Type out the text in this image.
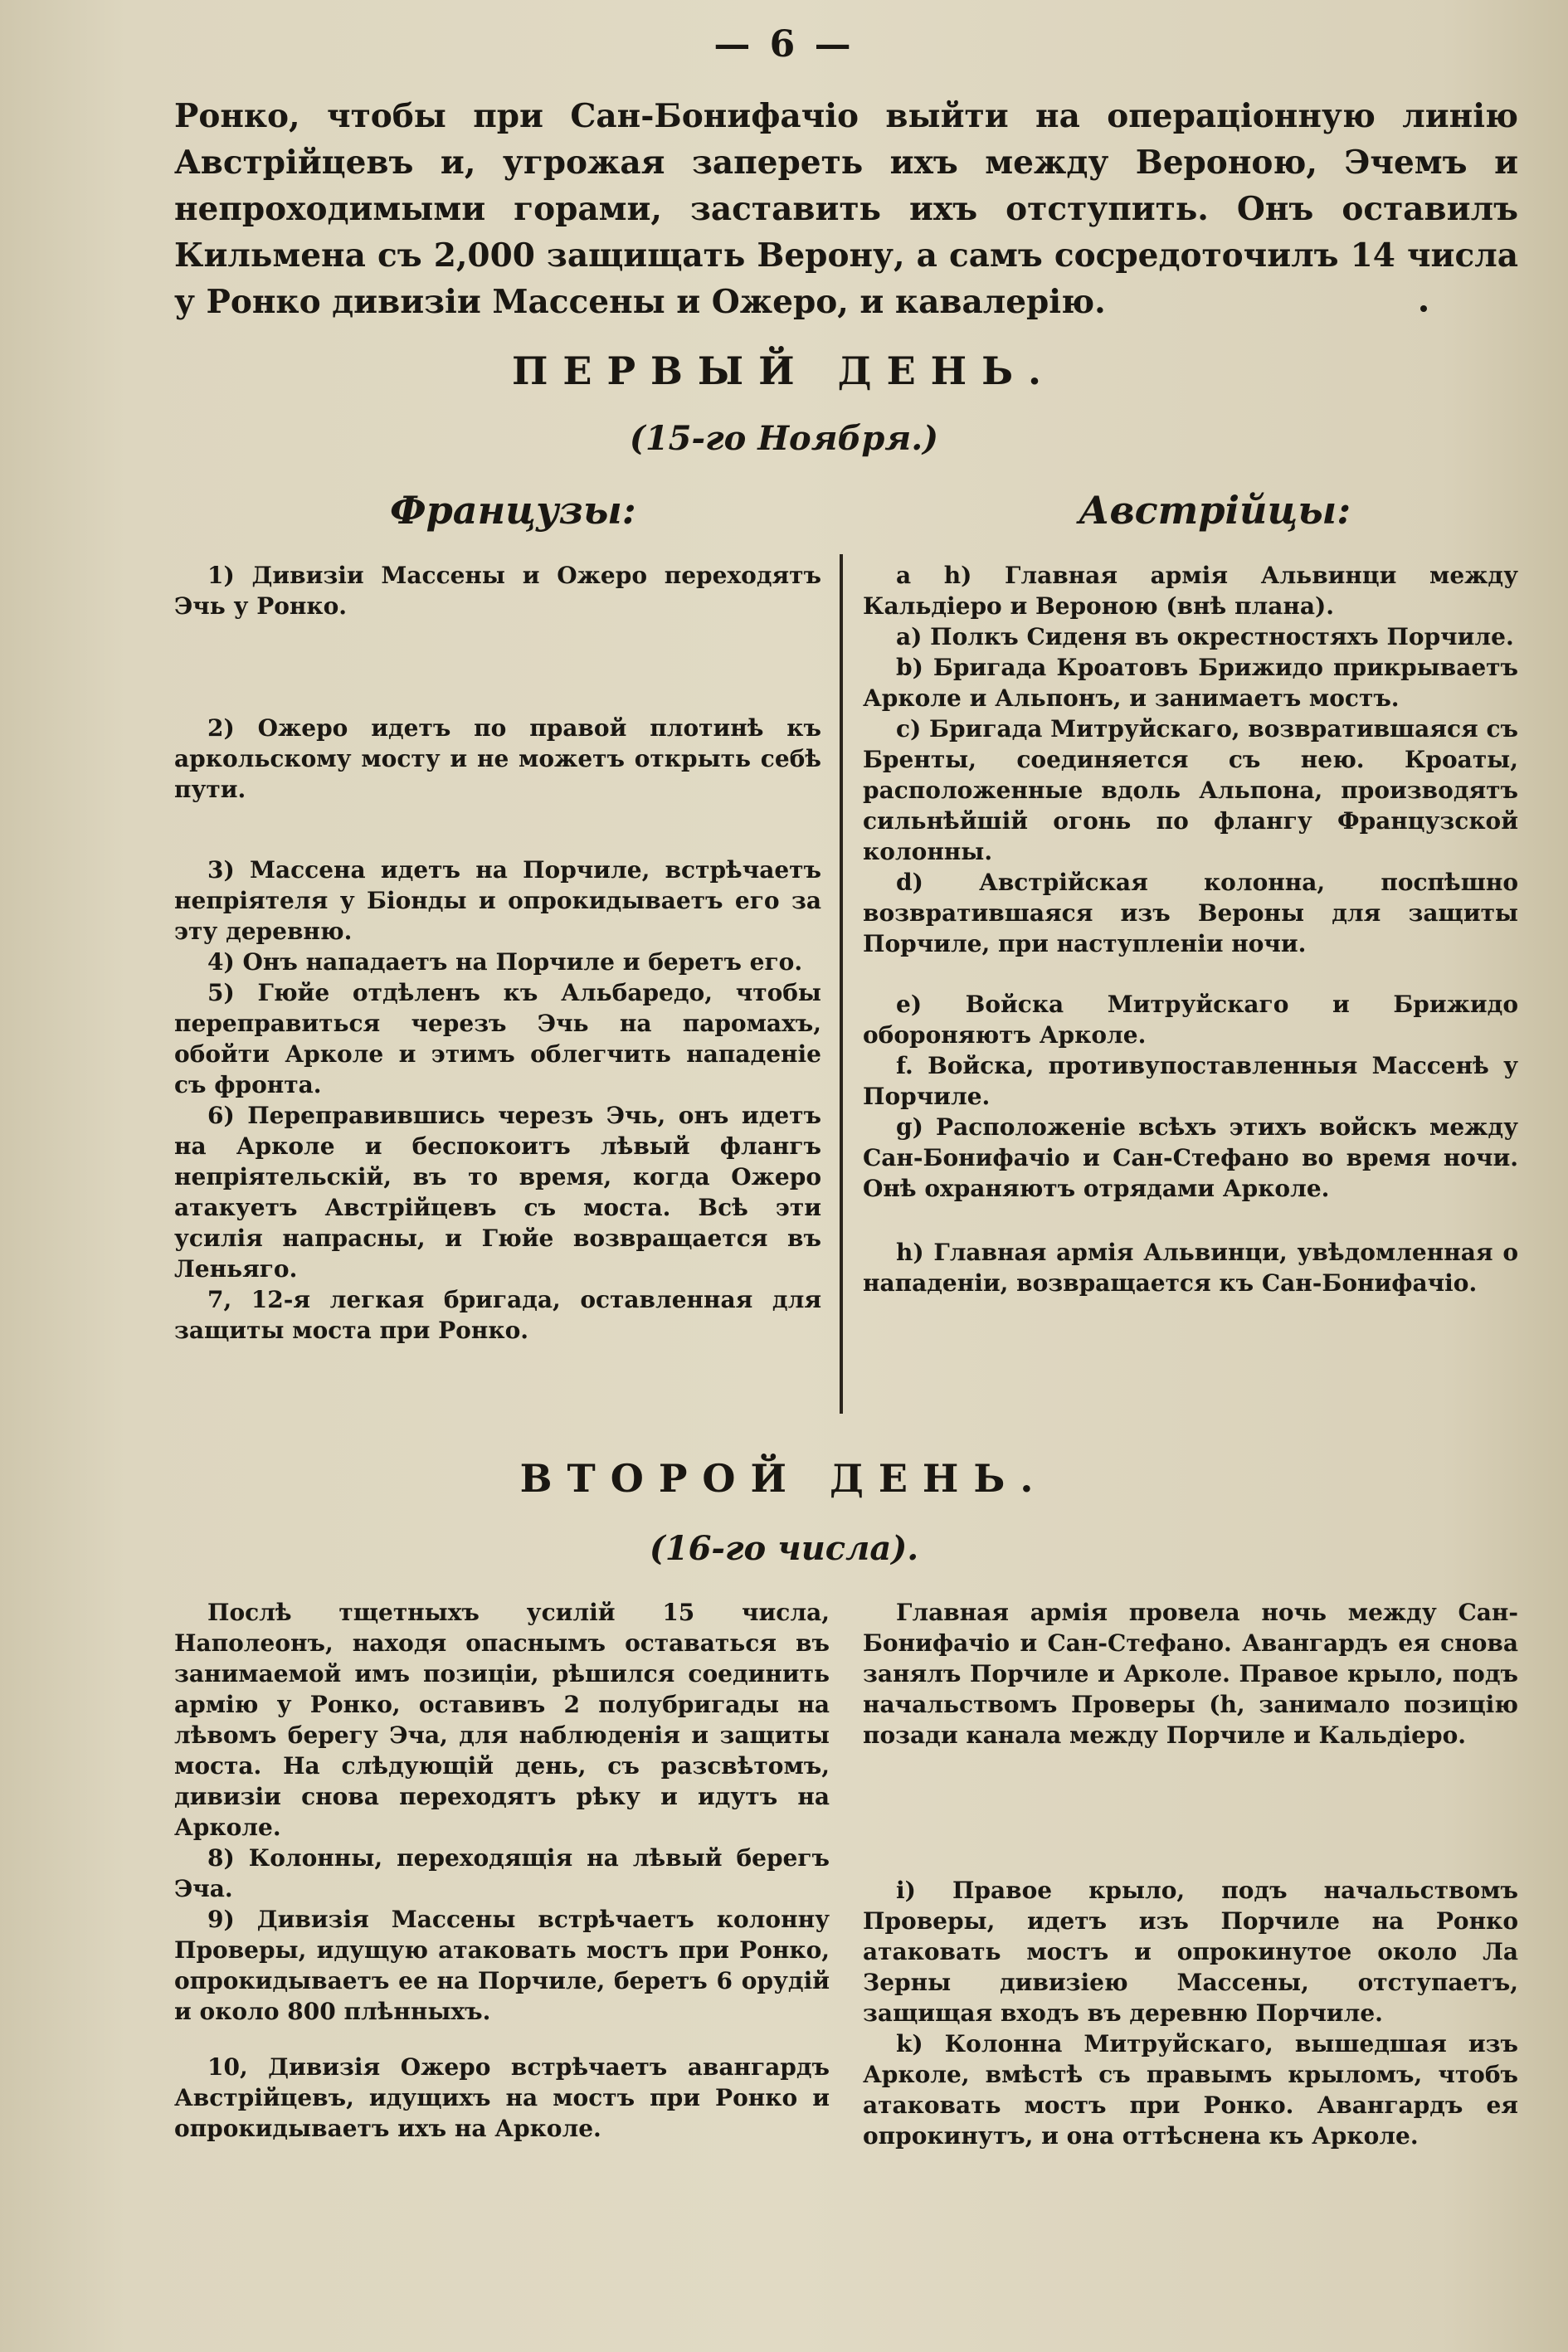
— 6 —

Ронко, чтобы при Сан-Бонифачіо выйти на операціонную линію Австрійцевъ и, угрожая запереть ихъ между Вероною, Эчемъ и непроходимыми горами, заставить ихъ отступить. Онъ оставилъ Кильмена съ 2,000 защищать Верону, а самъ сосредоточилъ 14 числа у Ронко дивизіи Массены и Ожеро, и кавалерію.

ПЕРВЫЙ ДЕНЬ.
(15-го Ноября.)
Французы:	Австрійцы:

1) Дивизіи Массены и Ожеро переходятъ Эчь у Ронко.

2) Ожеро идетъ по правой плотинѣ къ аркольскому мосту и не можетъ открыть себѣ пути.

3) Массена идетъ на Порчиле, встрѣчаетъ непріятеля у Біонды и опрокидываетъ его за эту деревню.

4) Онъ нападаетъ на Порчиле и беретъ его.

5) Гюйе отдѣленъ къ Альбаредо, чтобы переправиться черезъ Эчь на паромахъ, обойти Арколе и этимъ облегчить нападеніе съ фронта.

6) Переправившись черезъ Эчь, онъ идетъ на Арколе и беспокоитъ лѣвый флангъ непріятельскій, въ то время, когда Ожеро атакуетъ Австрійцевъ съ моста. Всѣ эти усилія напрасны, и Гюйе возвращается въ Леньяго.

7, 12-я легкая бригада, оставленная для защиты моста при Ронко.

а h) Главная армія Альвинци между Кальдіеро и Вероною (внѣ плана).

а) Полкъ Сиденя въ окрестностяхъ Порчиле.

b) Бригада Кроатовъ Брижидо прикрываетъ Арколе и Альпонъ, и занимаетъ мостъ.

c) Бригада Митруйскаго, возвратившаяся съ Бренты, соединяется съ нею. Кроаты, расположенные вдоль Альпона, производятъ сильнѣйшій огонь по флангу Французской колонны.

d) Австрійская колонна, поспѣшно возвратившаяся изъ Вероны для защиты Порчиле, при наступленіи ночи.

e) Войска Митруйскаго и Брижидо обороняютъ Арколе.

f. Войска, противупоставленныя Массенѣ у Порчиле.

g) Расположеніе всѣхъ этихъ войскъ между Сан-Бонифачіо и Сан-Стефано во время ночи. Онѣ охраняютъ отрядами Арколе.

h) Главная армія Альвинци, увѣдомленная о нападеніи, возвращается къ Сан-Бонифачіо.

ВТОРОЙ ДЕНЬ.
(16-го числа).

Послѣ тщетныхъ усилій 15 числа, Наполеонъ, находя опаснымъ оставаться въ занимаемой имъ позиціи, рѣшился соединить армію у Ронко, оставивъ 2 полубригады на лѣвомъ берегу Эча, для наблюденія и защиты моста. На слѣдующій день, съ разсвѣтомъ, дивизіи снова переходятъ рѣку и идутъ на Арколе.

8) Колонны, переходящія на лѣвый берегъ Эча.

9) Дивизія Массены встрѣчаетъ колонну Проверы, идущую атаковать мостъ при Ронко, опрокидываетъ ее на Порчиле, беретъ 6 орудій и около 800 плѣнныхъ.

10, Дивизія Ожеро встрѣчаетъ авангардъ Австрійцевъ, идущихъ на мостъ при Ронко и опрокидываетъ ихъ на Арколе.

Главная армія провела ночь между Сан-Бонифачіо и Сан-Стефано. Авангардъ ея снова занялъ Порчиле и Арколе. Правое крыло, подъ начальствомъ Проверы (h, занимало позицію позади канала между Порчиле и Кальдіеро.

i) Правое крыло, подъ начальствомъ Проверы, идетъ изъ Порчиле на Ронко атаковать мостъ и опрокинутое около Ла Зерны дивизіею Массены, отступаетъ, защищая входъ въ деревню Порчиле.

k) Колонна Митруйскаго, вышедшая изъ Арколе, вмѣстѣ съ правымъ крыломъ, чтобъ атаковать мостъ при Ронко. Авангардъ ея опрокинутъ, и она оттѣснена къ Арколе.
